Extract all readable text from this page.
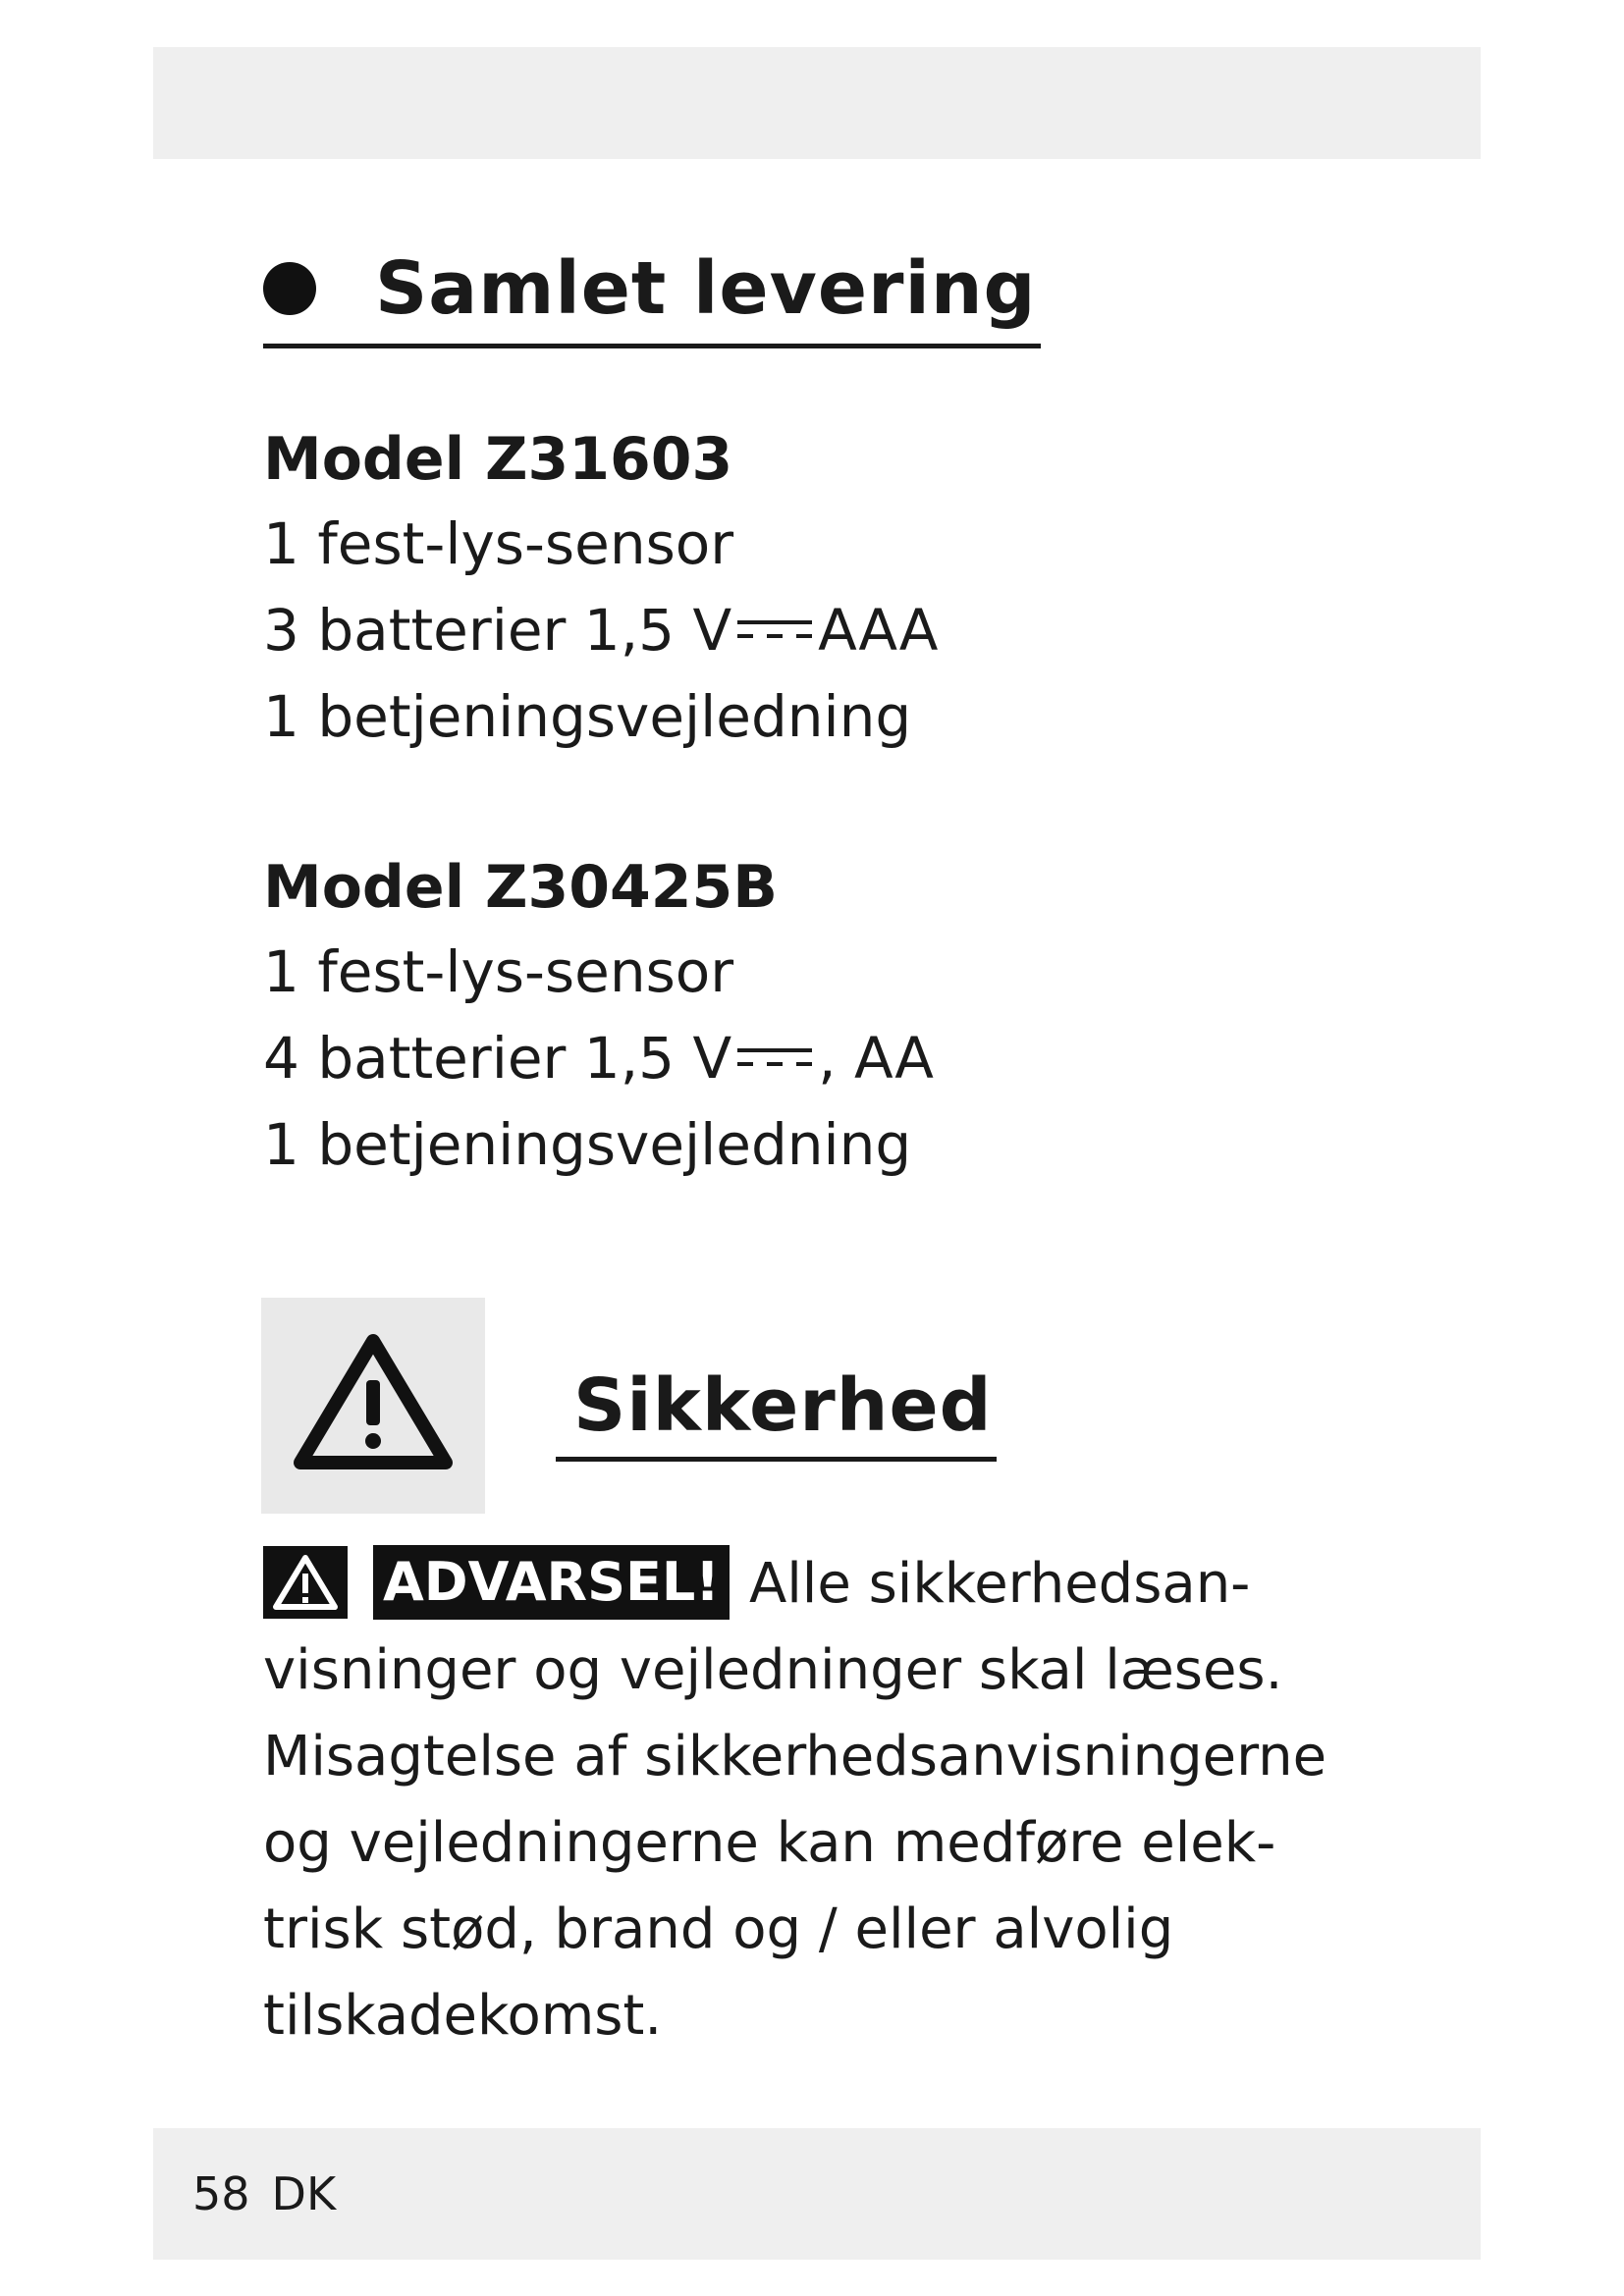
Samlet levering
Model Z31603
1 fest-lys-sensor
3 batterier 1,5 V AAA
1 betjeningsvejledning
Model Z30425B
1 fest-lys-sensor
4 batterier 1,5 V , AA
1 betjeningsvejledning
Sikkerhed
ADVARSEL! Alle sikkerhedsan-
visninger og vejledninger skal læses.
Misagtelse af sikkerhedsanvisningerne
og vejledningerne kan medføre elek-
trisk stød, brand og / eller alvolig
tilskadekomst.
58 DK
